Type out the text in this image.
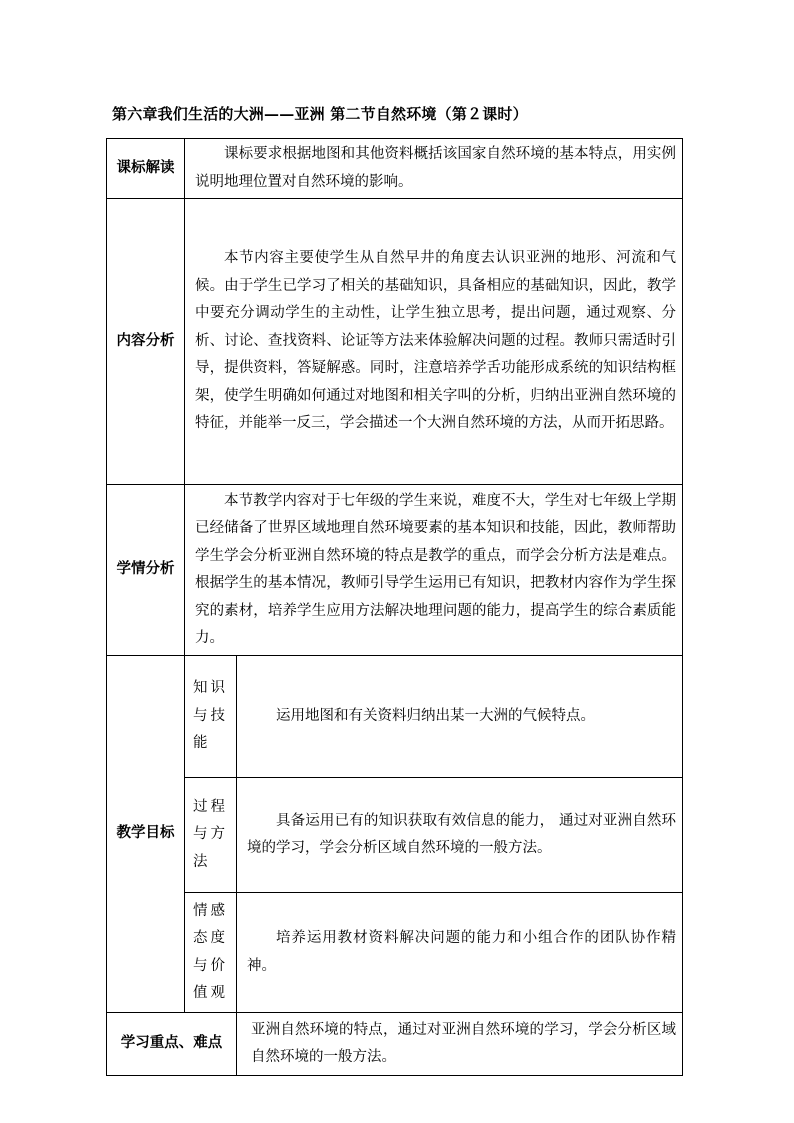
第六章我们生活的大洲——亚洲 第二节自然环境（第２课时）
课标解读	课标要求根据地图和其他资料概括该国家自然环境的基本特点，用实例说明地理位置对自然环境的影响。	
内容分析	本节内容主要使学生从自然早井的角度去认识亚洲的地形、河流和气候。由于学生已学习了相关的基础知识，具备相应的基础知识，因此，教学中要充分调动学生的主动性，让学生独立思考，提出问题，通过观察、分析、讨论、查找资料、论证等方法来体验解决问题的过程。教师只需适时引导，提供资料，答疑解惑。同时，注意培养学舌功能形成系统的知识结构框架，使学生明确如何通过对地图和相关字叫的分析，归纳出亚洲自然环境的特征，并能举一反三，学会描述一个大洲自然环境的方法，从而开拓思路。	
学情分析	本节教学内容对于七年级的学生来说，难度不大，学生对七年级上学期已经储备了世界区域地理自然环境要素的基本知识和技能，因此，教师帮助学生学会分析亚洲自然环境的特点是教学的重点，而学会分析方法是难点。根据学生的基本情况，教师引导学生运用已有知识，把教材内容作为学生探究的素材，培养学生应用方法解决地理问题的能力，提高学生的综合素质能力。	
教学目标	知识与技能	运用地图和有关资料归纳出某一大洲的气候特点。
	过程与方法	具备运用已有的知识获取有效信息的能力， 通过对亚洲自然环境的学习，学会分析区域自然环境的一般方法。
	情感态度与价值观	培养运用教材资料解决问题的能力和小组合作的团队协作精神。
学习重点、难点		亚洲自然环境的特点，通过对亚洲自然环境的学习，学会分析区域自然环境的一般方法。
